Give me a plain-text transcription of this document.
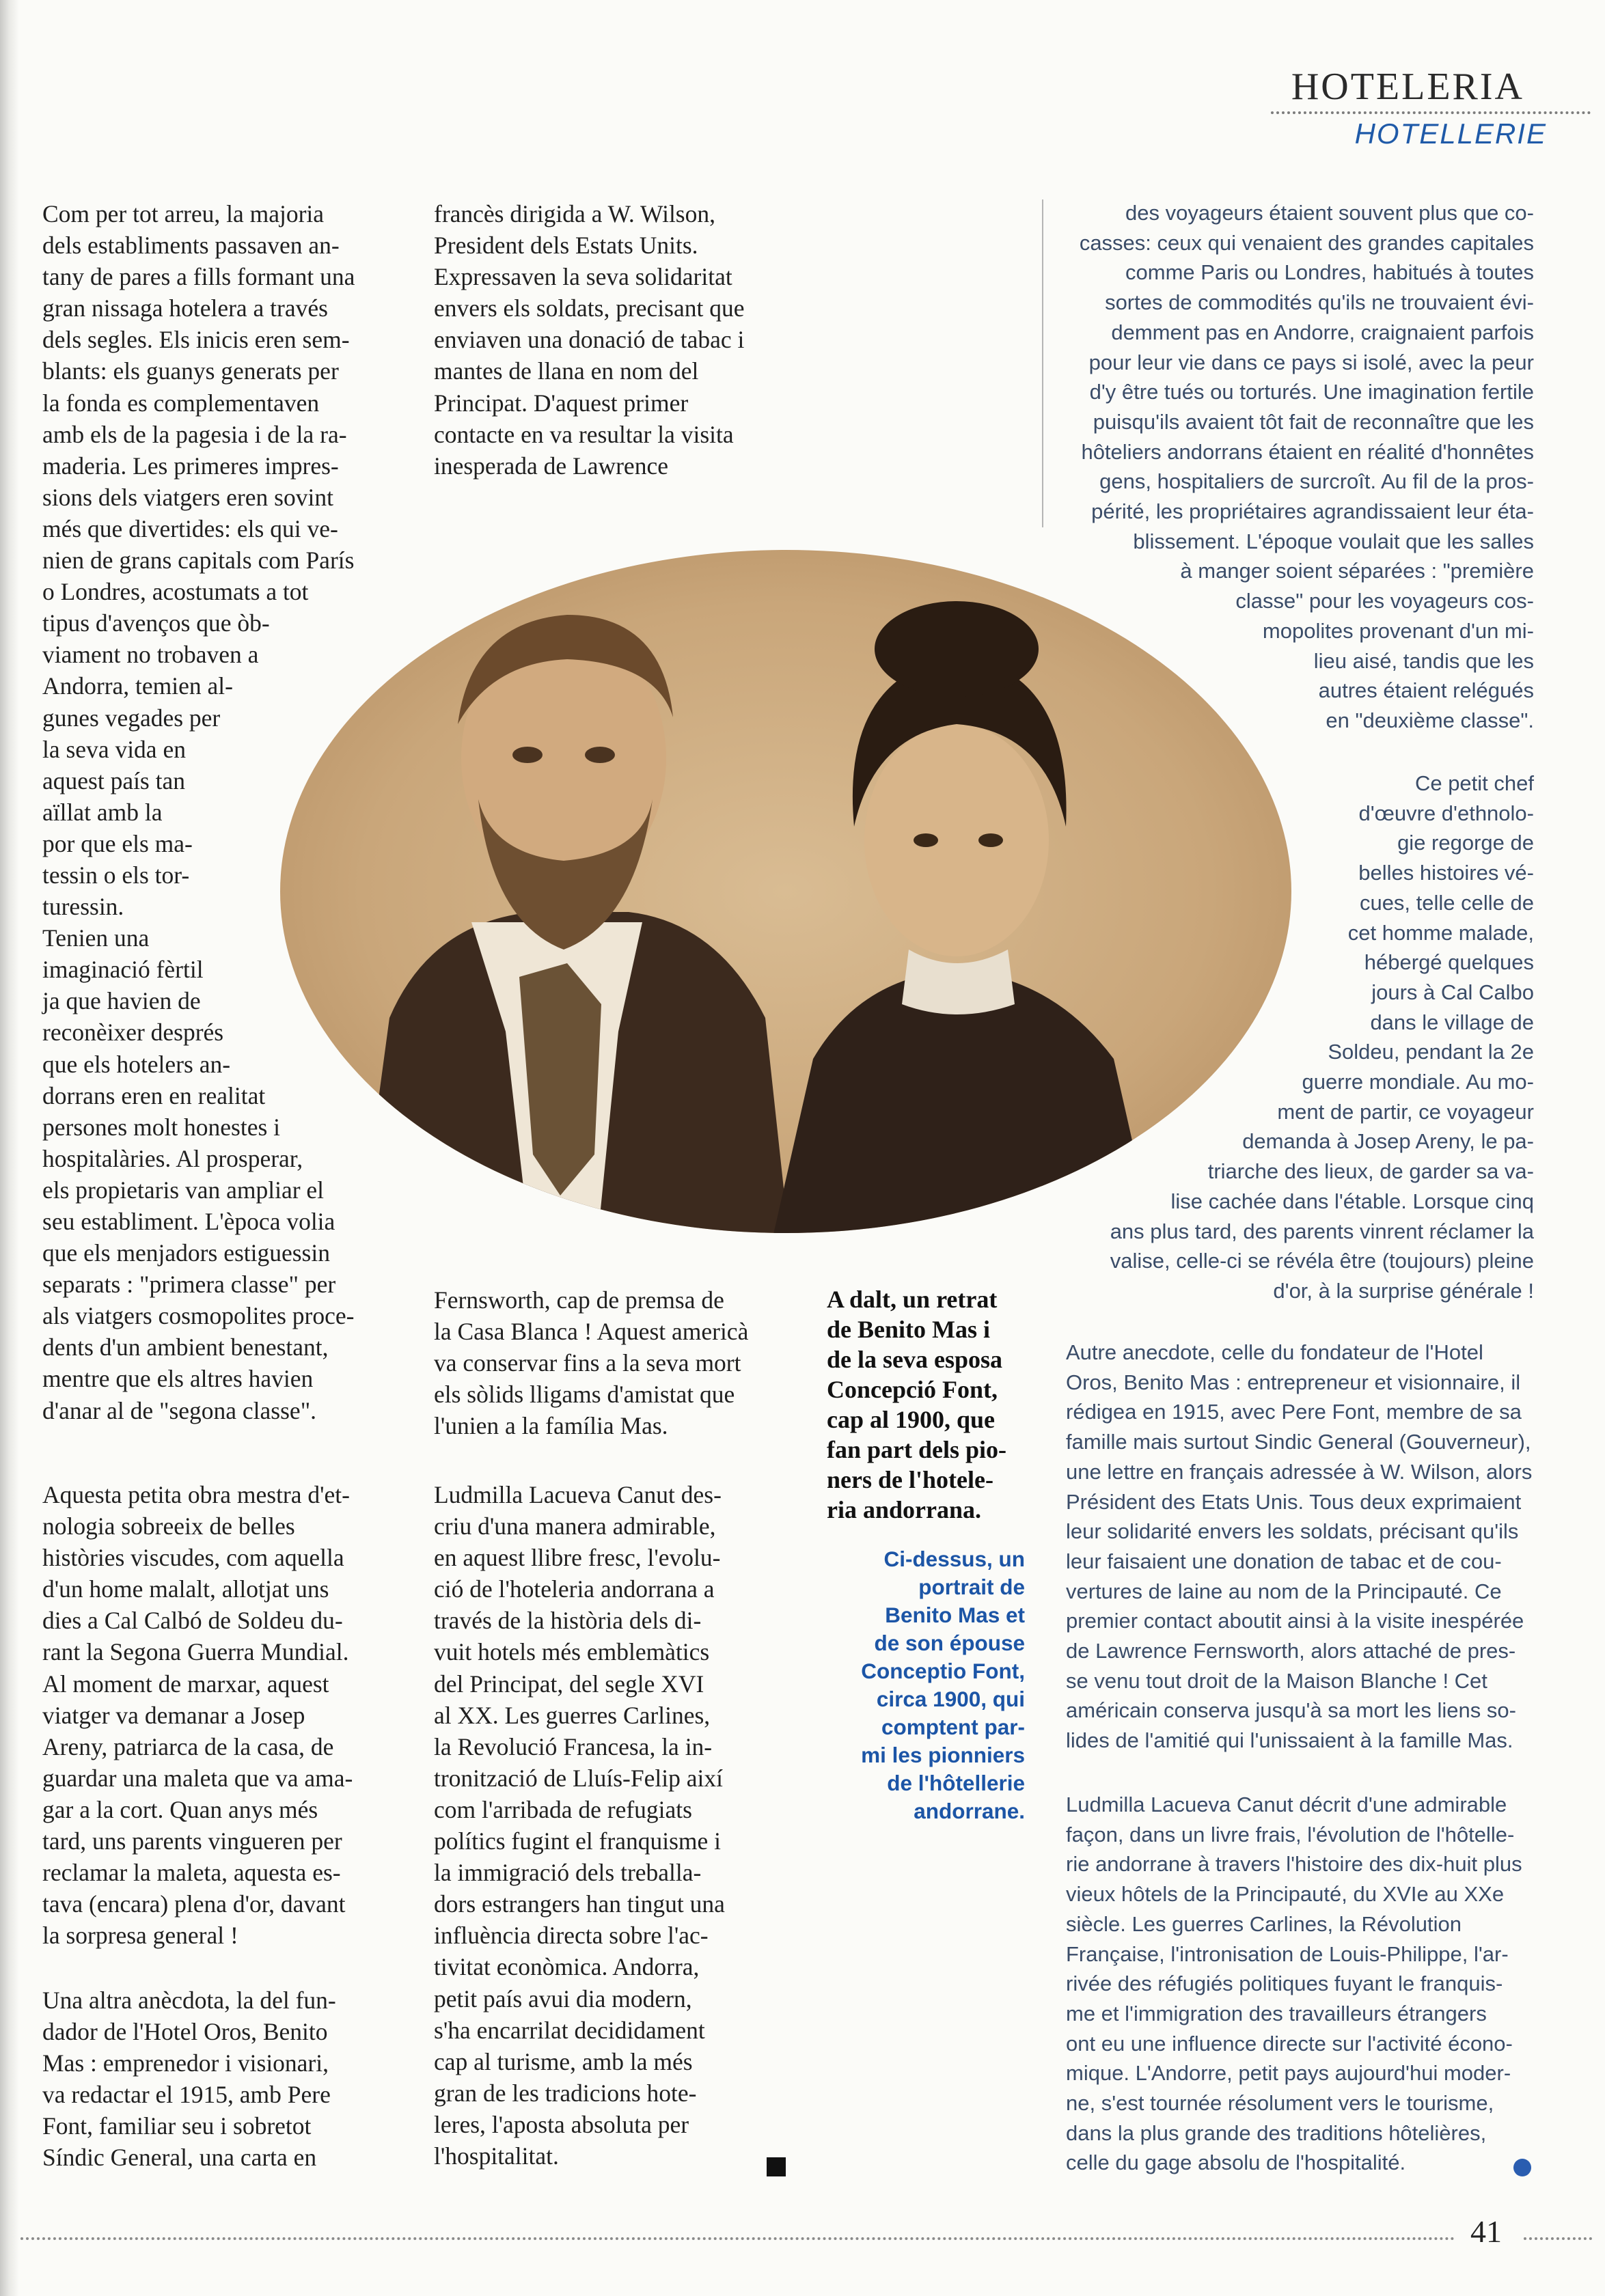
HOTELERIA
HOTELLERIE
Com per tot arreu, la majoria
dels establiments passaven an-
tany de pares a fills formant una
gran nissaga hotelera a través
dels segles. Els inicis eren sem-
blants: els guanys generats per
la fonda es complementaven
amb els de la pagesia i de la ra-
maderia. Les primeres impres-
sions dels viatgers eren sovint
més que divertides: els qui ve-
nien de grans capitals com París
o Londres, acostumats a tot
tipus d'avenços que òb-
viament no trobaven a
Andorra, temien al-
gunes vegades per
la seva vida en
aquest país tan
aïllat amb la
por que els ma-
tessin o els tor-
turessin.
Tenien una
imaginació fèrtil
ja que havien de
reconèixer després
que els hotelers an-
dorrans eren en realitat
persones molt honestes i
hospitalàries. Al prosperar,
els propietaris van ampliar el
seu establiment. L'època volia
que els menjadors estiguessin
separats : "primera classe" per
als viatgers cosmopolites proce-
dents d'un ambient benestant,
mentre que els altres havien
d'anar al de "segona classe".
Aquesta petita obra mestra d'et-
nologia sobreeix de belles
històries viscudes, com aquella
d'un home malalt, allotjat uns
dies a Cal Calbó de Soldeu du-
rant la Segona Guerra Mundial.
Al moment de marxar, aquest
viatger va demanar a Josep
Areny, patriarca de la casa, de
guardar una maleta que va ama-
gar a la cort. Quan anys més
tard, uns parents vingueren per
reclamar la maleta, aquesta es-
tava (encara) plena d'or, davant
la sorpresa general !
Una altra anècdota, la del fun-
dador de l'Hotel Oros, Benito
Mas : emprenedor i visionari,
va redactar el 1915, amb Pere
Font, familiar seu i sobretot
Síndic General, una carta en
francès dirigida a W. Wilson,
President dels Estats Units.
Expressaven la seva solidaritat
envers els soldats, precisant que
enviaven una donació de tabac i
mantes de llana en nom del
Principat. D'aquest primer
contacte en va resultar la visita
inesperada de Lawrence
Fernsworth, cap de premsa de
la Casa Blanca ! Aquest americà
va conservar fins a la seva mort
els sòlids lligams d'amistat que
l'unien a la família Mas.
Ludmilla Lacueva Canut des-
criu d'una manera admirable,
en aquest llibre fresc, l'evolu-
ció de l'hoteleria andorrana a
través de la història dels di-
vuit hotels més emblemàtics
del Principat, del segle XVI
al XX. Les guerres Carlines,
la Revolució Francesa, la in-
tronització de Lluís-Felip així
com l'arribada de refugiats
polítics fugint el franquisme i
la immigració dels treballa-
dors estrangers han tingut una
influència directa sobre l'ac-
tivitat econòmica. Andorra,
petit país avui dia modern,
s'ha encarrilat decididament
cap al turisme, amb la més
gran de les tradicions hote-
leres, l'aposta absoluta per
l'hospitalitat.
A dalt, un retrat
de Benito Mas i
de la seva esposa
Concepció Font,
cap al 1900, que
fan part dels pio-
ners de l'hotele-
ria andorrana.
Ci-dessus, un
portrait de
Benito Mas et
de son épouse
Conceptio Font,
circa 1900, qui
comptent par-
mi les pionniers
de l'hôtellerie
andorrane.
des voyageurs étaient souvent plus que co-
casses: ceux qui venaient des grandes capitales
comme Paris ou Londres, habitués à toutes
sortes de commodités qu'ils ne trouvaient évi-
demment pas en Andorre, craignaient parfois
pour leur vie dans ce pays si isolé, avec la peur
d'y être tués ou torturés. Une imagination fertile
puisqu'ils avaient tôt fait de reconnaître que les
hôteliers andorrans étaient en réalité d'honnêtes
gens, hospitaliers de surcroît. Au fil de la pros-
périté, les propriétaires agrandissaient leur éta-
blissement. L'époque voulait que les salles
à manger soient séparées : "première
classe" pour les voyageurs cos-
mopolites provenant d'un mi-
lieu aisé, tandis que les
autres étaient relégués
en "deuxième classe".
Ce petit chef
d'œuvre d'ethnolo-
gie regorge de
belles histoires vé-
cues, telle celle de
cet homme malade,
hébergé quelques
jours à Cal Calbo
dans le village de
Soldeu, pendant la 2e
guerre mondiale. Au mo-
ment de partir, ce voyageur
demanda à Josep Areny, le pa-
triarche des lieux, de garder sa va-
lise cachée dans l'étable. Lorsque cinq
ans plus tard, des parents vinrent réclamer la
valise, celle-ci se révéla être (toujours) pleine
d'or, à la surprise générale !
Autre anecdote, celle du fondateur de l'Hotel
Oros, Benito Mas : entrepreneur et visionnaire, il
rédigea en 1915, avec Pere Font, membre de sa
famille mais surtout Sindic General (Gouverneur),
une lettre en français adressée à W. Wilson, alors
Président des Etats Unis. Tous deux exprimaient
leur solidarité envers les soldats, précisant qu'ils
leur faisaient une donation de tabac et de cou-
vertures de laine au nom de la Principauté. Ce
premier contact aboutit ainsi à la visite inespérée
de Lawrence Fernsworth, alors attaché de pres-
se venu tout droit de la Maison Blanche ! Cet
américain conserva jusqu'à sa mort les liens so-
lides de l'amitié qui l'unissaient à la famille Mas.
Ludmilla Lacueva Canut décrit d'une admirable
façon, dans un livre frais, l'évolution de l'hôtelle-
rie andorrane à travers l'histoire des dix-huit plus
vieux hôtels de la Principauté, du XVIe au XXe
siècle. Les guerres Carlines, la Révolution
Française, l'intronisation de Louis-Philippe, l'ar-
rivée des réfugiés politiques fuyant le franquis-
me et l'immigration des travailleurs étrangers
ont eu une influence directe sur l'activité écono-
mique. L'Andorre, petit pays aujourd'hui moder-
ne, s'est tournée résolument vers le tourisme,
dans la plus grande des traditions hôtelières,
celle du gage absolu de l'hospitalité.
41
